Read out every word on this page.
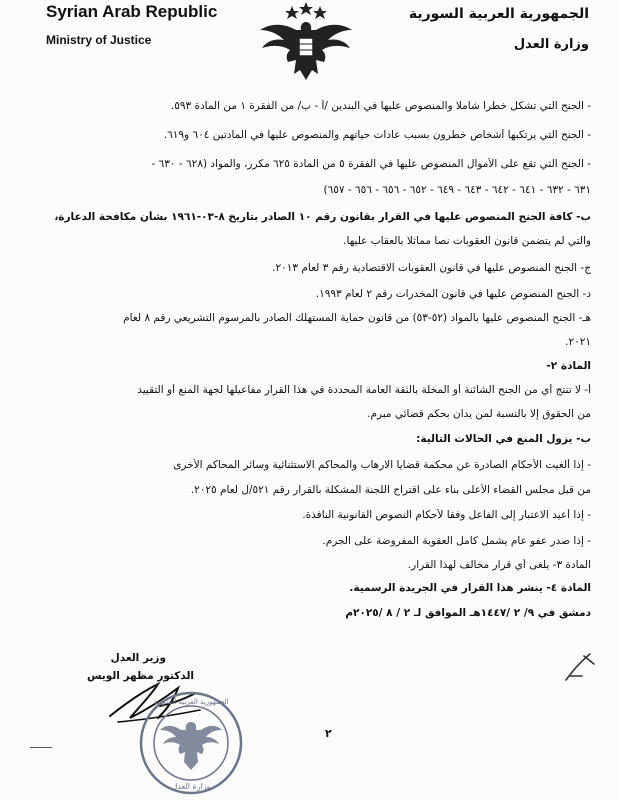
Syrian Arab Republic
Ministry of Justice
الجمهورية العربية السورية
وزارة العدل
- الجنح التي تشكل خطرا شاملا والمنصوص عليها في البندين /أ - ب/ من الفقرة ١ من المادة ٥٩٣.
- الجنح التي يرتكبها أشخاص خطرون بسبب عادات حياتهم والمنصوص عليها في المادتين ٦٠٤ و٦١٩.
- الجنح التي تقع على الأموال المنصوص عليها في الفقرة ٥ من المادة ٦٢٥ مكرر، والمواد (٦٢٨ - ٦٣٠ -
٦٣١ - ٦٣٢ - ٦٤١ - ٦٤٢ - ٦٤٣ - ٦٤٩ - ٦٥٢ - ٦٥٦ - ٦٥٦ - ٦٥٧)
ب- كافة الجنح المنصوص عليها في القرار بقانون رقم ١٠ الصادر بتاريخ ٨-٠٣-١٩٦١ بشأن مكافحة الدعارة،
والتي لم يتضمن قانون العقوبات نصا مماثلا بالعقاب عليها.
ج- الجنح المنصوص عليها في قانون العقوبات الاقتصادية رقم ٣ لعام ٢٠١٣.
د- الجنح المنصوص عليها في قانون المخدرات رقم ٢ لعام ١٩٩٣.
هـ- الجنح المنصوص عليها بالمواد (٥٢-٥٣) من قانون حماية المستهلك الصادر بالمرسوم التشريعي رقم ٨ لعام
٢٠٢١.
المادة ٢-
أ- لا تنتج أي من الجنح الشائنة أو المخلة بالثقة العامة المحددة في هذا القرار مفاعيلها لجهة المنع أو التقييد
من الحقوق إلا بالنسبة لمن يدان بحكم قضائي مبرم.
ب- يزول المنع في الحالات التالية:
- إذا ألغيت الأحكام الصادرة عن محكمة قضايا الارهاب والمحاكم الاستثنائية وسائر المحاكم الأخرى
من قبل مجلس القضاء الأعلى بناء على اقتراح اللجنة المشكلة بالقرار رقم ٥٢١/ل لعام ٢٠٢٥.
- إذا أعيد الاعتبار إلى الفاعل وفقا لأحكام النصوص القانونية النافذة.
- إذا صدر عفو عام يشمل كامل العقوبة المفروضة على الجرم.
المادة ٣- يلغى أي قرار مخالف لهذا القرار.
المادة ٤- ينشر هذا القرار في الجريدة الرسمية.
دمشق في ٩/ ٢ /١٤٤٧هـ الموافق لـ ٢ / ٨ /٢٠٢٥م
وزير العدل
الدكتور مظهر الويس
وزارة العدل
الجمهورية العربية السورية
٢
